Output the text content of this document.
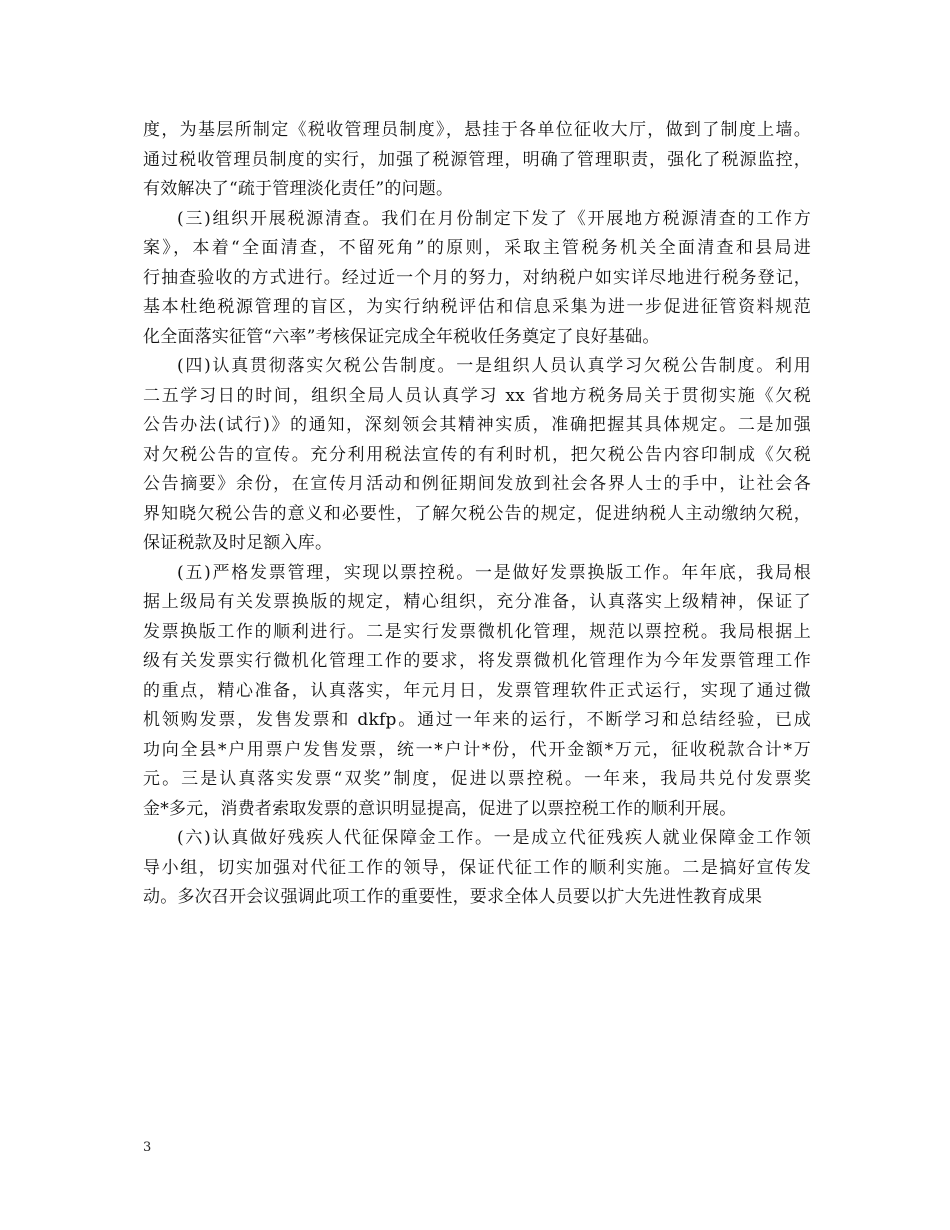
度，为基层所制定《税收管理员制度》，悬挂于各单位征收大厅，做到了制度上墙。
通过税收管理员制度的实行，加强了税源管理，明确了管理职责，强化了税源监控，
有效解决了“疏于管理淡化责任”的问题。
(三)组织开展税源清查。我们在月份制定下发了《开展地方税源清查的工作方
案》，本着“全面清查，不留死角”的原则，采取主管税务机关全面清查和县局进
行抽查验收的方式进行。经过近一个月的努力，对纳税户如实详尽地进行税务登记，
基本杜绝税源管理的盲区，为实行纳税评估和信息采集为进一步促进征管资料规范
化全面落实征管“六率”考核保证完成全年税收任务奠定了良好基础。
(四)认真贯彻落实欠税公告制度。一是组织人员认真学习欠税公告制度。利用
二五学习日的时间，组织全局人员认真学习 xx 省地方税务局关于贯彻实施《欠税
公告办法(试行)》的通知，深刻领会其精神实质，准确把握其具体规定。二是加强
对欠税公告的宣传。充分利用税法宣传的有利时机，把欠税公告内容印制成《欠税
公告摘要》余份，在宣传月活动和例征期间发放到社会各界人士的手中，让社会各
界知晓欠税公告的意义和必要性，了解欠税公告的规定，促进纳税人主动缴纳欠税，
保证税款及时足额入库。
(五)严格发票管理，实现以票控税。一是做好发票换版工作。年年底，我局根
据上级局有关发票换版的规定，精心组织，充分准备，认真落实上级精神，保证了
发票换版工作的顺利进行。二是实行发票微机化管理，规范以票控税。我局根据上
级有关发票实行微机化管理工作的要求，将发票微机化管理作为今年发票管理工作
的重点，精心准备，认真落实，年元月日，发票管理软件正式运行，实现了通过微
机领购发票，发售发票和 dkfp。通过一年来的运行，不断学习和总结经验，已成
功向全县*户用票户发售发票，统一*户计*份，代开金额*万元，征收税款合计*万
元。三是认真落实发票“双奖”制度，促进以票控税。一年来，我局共兑付发票奖
金*多元，消费者索取发票的意识明显提高，促进了以票控税工作的顺利开展。
(六)认真做好残疾人代征保障金工作。一是成立代征残疾人就业保障金工作领
导小组，切实加强对代征工作的领导，保证代征工作的顺利实施。二是搞好宣传发
动。多次召开会议强调此项工作的重要性，要求全体人员要以扩大先进性教育成果
3
